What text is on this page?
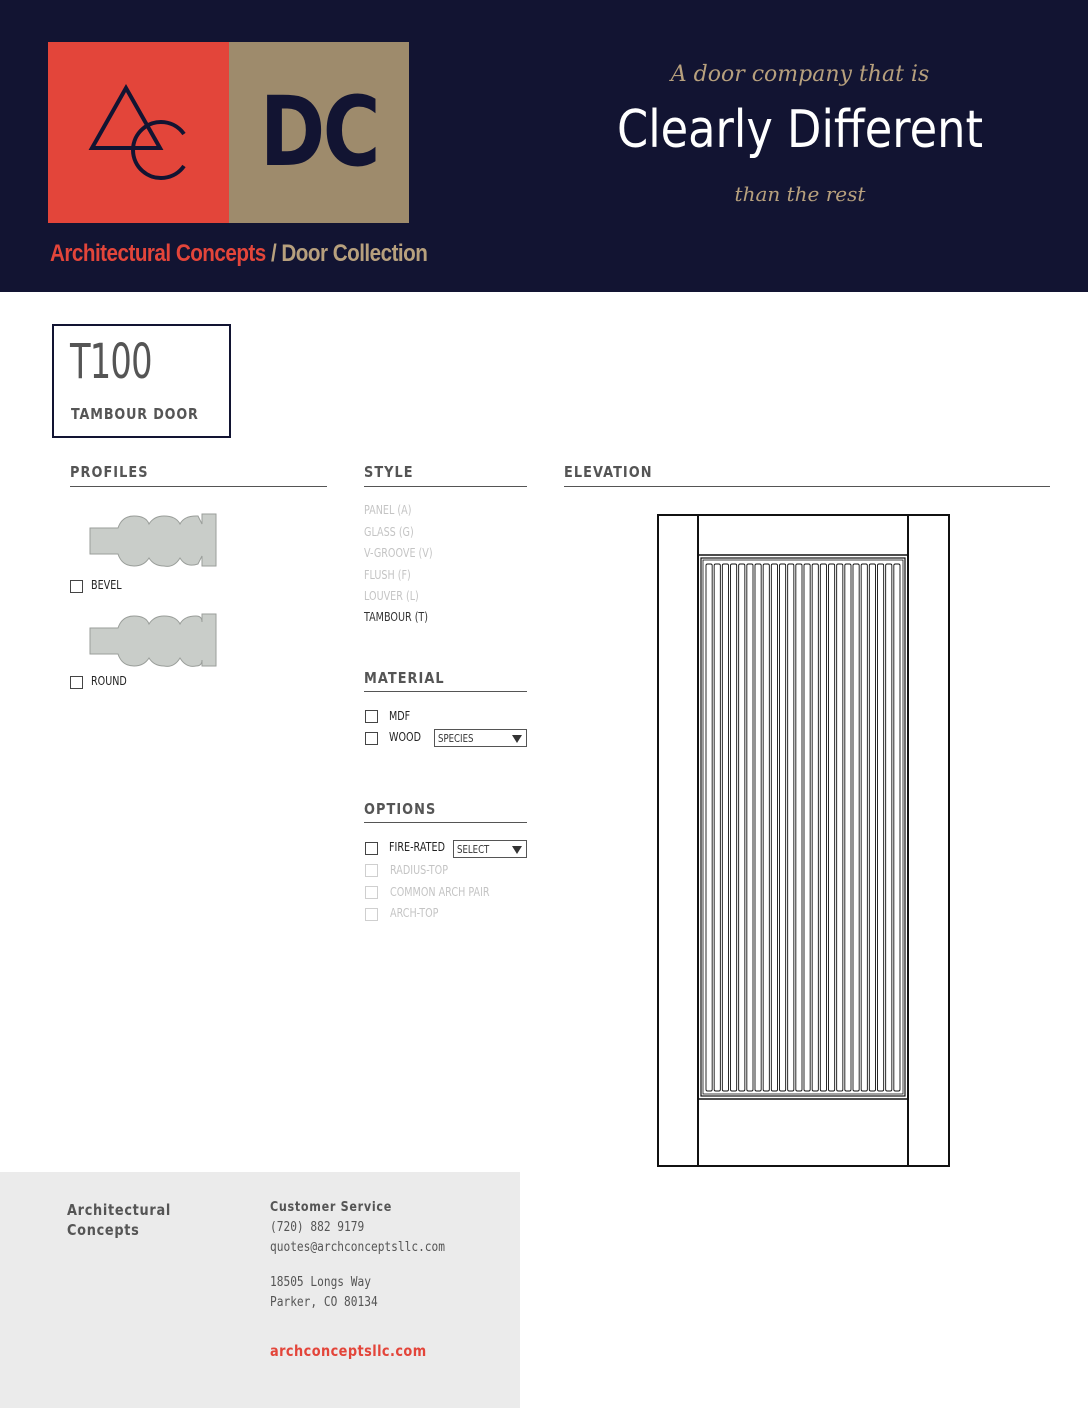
DC
Architectural Concepts / Door Collection
A door company that is
Clearly Different
than the rest
T100
TAMBOUR DOOR
PROFILES
BEVEL
ROUND
STYLE
PANEL (A)
GLASS (G)
V-GROOVE (V)
FLUSH (F)
LOUVER (L)
TAMBOUR (T)
MATERIAL
MDF
WOOD SPECIES
OPTIONS
FIRE-RATED SELECT
RADIUS-TOP
COMMON ARCH PAIR
ARCH-TOP
ELEVATION
Architectural
Concepts
Customer Service
(720) 882 9179
quotes@archconceptsllc.com
18505 Longs Way
Parker, CO 80134
archconceptsllc.com
